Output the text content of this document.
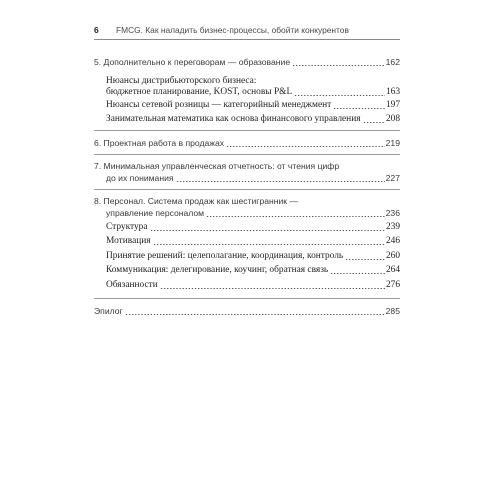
6 FMCG. Как наладить бизнес-процессы, обойти конкурентов
5. Дополнительно к переговорам — образование	162
Нюансы дистрибьюторского бизнеса:
бюджетное планирование, KOST, основы P&L	163
Нюансы сетевой розницы — категорийный менеджмент	197
Занимательная математика как основа финансового управления	208
6. Проектная работа в продажах	219
7. Минимальная управленческая отчетность: от чтения цифр
до их понимания	227
8. Персонал. Система продаж как шестигранник —
управление персоналом	236
Структура	239
Мотивация	246
Принятие решений: целеполагание, координация, контроль	260
Коммуникация: делегирование, коучинг, обратная связь	264
Обязанности	276
Эпилог	285
